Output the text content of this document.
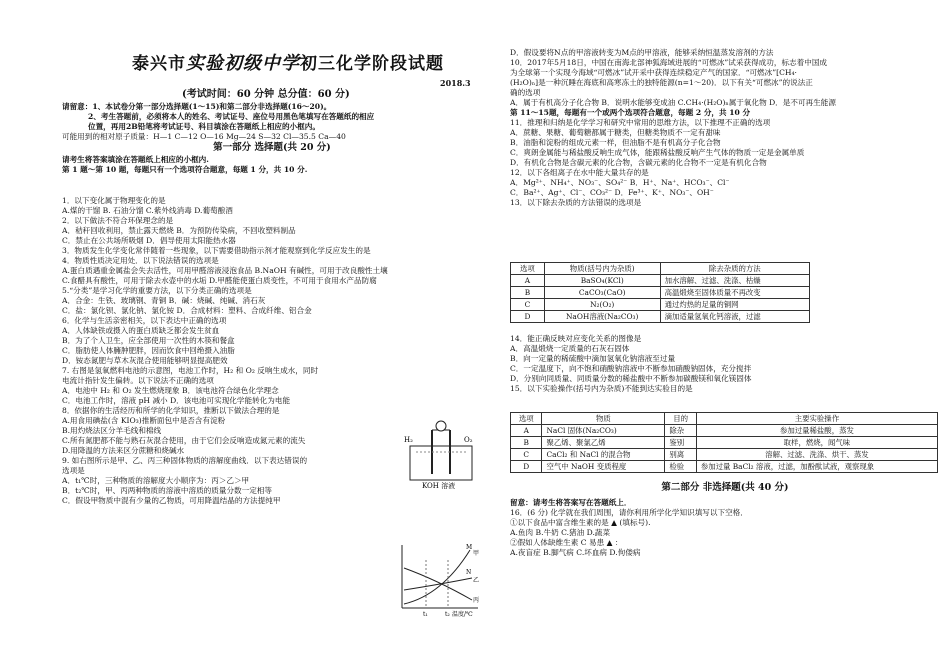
泰兴市实验初级中学初三化学阶段试题
2018.3
(考试时间：60 分钟 总分值：60 分)

请留意：1、本试卷分第一部分选择题(1～15)和第二部分非选择题(16～20)。

2、考生答题前，必须将本人的姓名、考试证号、座位号用黑色笔填写在答题纸的相应

位置，再用2B铅笔将考试证号、科目填涂在答题纸上相应的小框内。

可能用到的相对原子质量：H—1 C—12 O—16 Mg—24 S—32 Cl—35.5 Ca—40

第一部分 选择题(共 20 分)

请考生将答案填涂在答题纸上相应的小框内.

第 1 题～第 10 题，每题只有一个选项符合题意，每题 1 分，共 10 分.

1．以下变化属于物理变化的是

A.煤的干馏 B. 石油分馏 C.紫外线消毒 D.葡萄酿酒

2．以下做法不符合环保理念的是

A．秸秆回收利用，禁止露天燃烧 B．为预防传染病，不回收塑料制品

C．禁止在公共场所吸烟 D．倡导使用太阳能热水器

3．物质发生化学变化常伴随着一些现象，以下需要借助指示剂才能观察到化学反应发生的是

4．物质性质决定用处．以下说法错误的选项是

A.蛋白质遇重金属盐会失去活性，可用甲醛溶液浸泡食品 B.NaOH 有碱性，可用于改良酸性土壤

C.食醋具有酸性，可用于除去水壶中的水垢 D.甲醛能使蛋白质变性，不可用于食用水产品防腐

5.“分类”是学习化学的重要方法，以下分类正确的选项是

A．合金：生铁、玻璃钢、青铜 B．碱：烧碱、纯碱、消石灰

C．盐：氯化钡、氯化钠、氯化铵 D．合成材料：塑料、合成纤维、铝合金

6．化学与生活亲密相关，以下表达中正确的选项

A．人体缺铁或摄入的蛋白质缺乏都会发生贫血

B．为了个人卫生，应全部使用一次性的木筷和餐盒

C．脂肪使人体臃肿肥胖，因而饮食中回绝摄入油脂

D．铵态氮肥与草木灰混合使用能够明显提高肥效

7. 右图是氢氧燃料电池的示意图，电池工作时，H₂ 和 O₂ 反响生成水，同时

电流计指针发生偏转。以下说法不正确的选项

A．电池中 H₂ 和 O₂ 发生燃烧现象 B．该电池符合绿色化学理念

C．电池工作时，溶液 pH 减小 D．该电池可实现化学能转化为电能

8．依据你的生活经历和所学的化学知识，推断以下做法合理的是

A.用食用碘盐(含 KIO₃)推断面包中是否含有淀粉

B.用灼烧法区分羊毛线和棉线

C.所有氮肥都不能与熟石灰混合使用，由于它们会反响造成氮元素的流失

D.用降温的方法来区分蔗糖和烧碱水

9. 如右图所示是甲、乙、丙三种固体物质的溶解度曲线．以下表达错误的

选项是

A．t₁℃时，三种物质的溶解度大小顺序为：丙＞乙＞甲

B．t₂℃时，甲、丙两种物质的溶液中溶质的质量分数一定相等

C．假设甲物质中混有少量的乙物质，可用降温结晶的方法提纯甲

H₂	O₂
KOH 溶液
M
N
甲
乙
丙
t₁	t₂ 温度/℃

D．假设要将N点的甲溶液转变为M点的甲溶液，能够采纳恒温蒸发溶剂的方法

10．2017年5月18日，中国在南海北部神狐海域进展的“可燃冰”试采获得成功，标志着中国成

为全球第一个实现今海域“可燃冰”试开采中获得连续稳定产气的国家．“可燃冰”[CH₄·

(H₂O)ₙ]是一种沉睡在海底和高寒冻土的独特能源(n=1～20)．以下有关“可燃冰”的说法正

确的选项

A．属于有机高分子化合物 B．说明水能够变成油 C.CH₄·(H₂O)ₙ属于氧化物 D．是不可再生能源

第 11～15题，每题有一个或两个选项符合题意，每题 2 分，共 10 分

11．推理和归纳是化学学习和研究中常用的思维方法，以下推理不正确的选项

A．蔗糖、果糖、葡萄糖都属于糖类，但糖类物质不一定有甜味

B．油脂和淀粉的组成元素一样，但油脂不是有机高分子化合物

C．爽朗金属能与稀盐酸反响生成气体，能跟稀盐酸反响产生气体的物质一定是金属单质

D．有机化合物是含碳元素的化合物，含碳元素的化合物不一定是有机化合物

12．以下各组离子在水中能大量共存的是

A．Mg²⁺、NH₄⁺、NO₃⁻、SO₄²⁻ B．H⁺、Na⁺、HCO₃⁻、Cl⁻

C．Ba²⁺、Ag⁺、Cl⁻、CO₃²⁻ D．Fe³⁺、K⁺、NO₃⁻、OH⁻

13．以下除去杂质的方法错误的选项是

选项	物质(括号内为杂质)	除去杂质的方法
A	BaSO₄(KCl)	加水溶解、过滤、洗涤、枯燥
B	CaCO₃(CaO)	高温煅烧至固体质量不再改变
C	N₂(O₂)	通过灼热的足量的铜网
D	NaOH溶液(Na₂CO₃)	滴加适量氢氧化钙溶液，过滤

14．能正确反映对应变化关系的图像是

A．高温煅烧一定质量的石灰石固体

B．向一定量的稀硫酸中滴加氢氧化钠溶液至过量

C．一定温度下，向不饱和硝酸钠溶液中不断参加硝酸钠固体，充分搅拌

D．分别向同质量、同质量分数的稀盐酸中不断参加碳酸镁和氧化镁固体

15．以下实验操作(括号内为杂质)不能到达实验目的是

选项	物质	目的	主要实验操作
A	NaCl 固体(Na₂CO₃)	除杂	参加过量稀盐酸，蒸发
B	聚乙烯、聚氯乙烯	鉴别	取样，燃烧，闻气味
C	CaCl₂ 和 NaCl 的混合物	别离	溶解、过滤、洗涤、烘干、蒸发
D	空气中 NaOH 变质程度	检验	参加过量 BaCl₂ 溶液，过滤，加酚酞试液，观察现象

第二部分 非选择题(共 40 分)

留意：请考生将答案写在答题纸上．

16．(6 分) 化学就在我们周围，请你利用所学化学知识填写以下空格．

①以下食品中富含维生素的是 ▲ (填标号).

A.鱼肉 B.牛奶 C.猪油 D.蔬菜

②假如人体缺维生素 C 易患 ▲ ：

A.夜盲症 B.脚气病 C.坏血病 D.佝偻病
